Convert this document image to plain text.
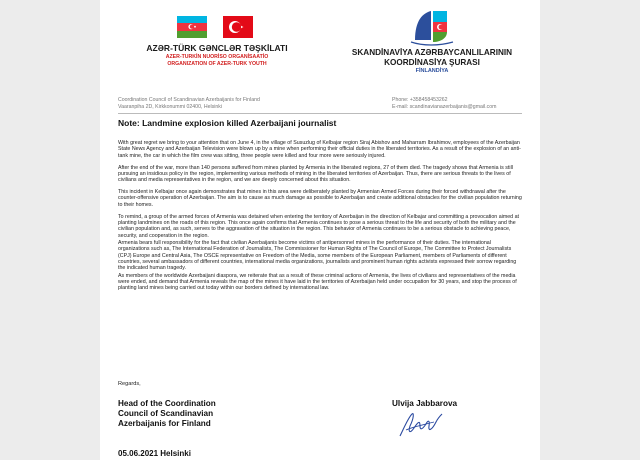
AZƏR-TÜRK GƏNCLƏR TƏŞKİLATI
AZER-TURKİN NUORİSO ORGANİSAATİO
ORGANIZATION OF AZER-TURK YOUTH
SKANDİNAVİYA AZƏRBAYCANLILARININ
KOORDİNASİYA ŞURASI
FİNLANDİYA
Coordination Council of Scandinavian Azerbaijanis for Finland
Vaaranpiha 2D, Kirkkonummi 02400, Helsinki
Phone: +358458453262
E-mail: scandinavianazerbaijanis@gmail.com
Note: Landmine explosion killed Azerbaijani journalist

With great regret we bring to your attention that on June 4, in the village of Susuzlug of Kelbajar region Siraj Abishov and Maharram Ibrahimov, employees of the Azerbaijan State News Agency and Azerbaijan Television were blown up by a mine when performing their official duties in the liberated territories. As a result of the explosion of an anti-tank mine, the car in which the film crew was sitting, three people were killed and four more were seriously injured.

After the end of the war, more than 140 persons suffered from mines planted by Armenia in the liberated regions, 27 of them died. The tragedy shows that Armenia is still pursuing an insidious policy in the region, implementing various methods of mining in the liberated territories of Azerbaijan. Thus, there are serious threats to the lives of civilians and media representatives in the region, and we are deeply concerned about this situation.

This incident in Kelbajar once again demonstrates that mines in this area were deliberately planted by Armenian Armed Forces during their forced withdrawal after the counter-offensive operation of Azerbaijan. The aim is to cause as much damage as possible to Azerbaijan and create additional obstacles for the civilian population returning to their homes.

To remind, a group of the armed forces of Armenia was detained when entering the territory of Azerbaijan in the direction of Kelbajar and committing a provocation aimed at planting landmines on the roads of this region. This once again confirms that Armenia continues to pose a serious threat to the life and security of both the military and the civilian population and, as such, serves to the aggravation of the situation in the region. This behavior of Armenia continues to be a serious obstacle to achieving peace, security, and cooperation in the region.

Armenia bears full responsibility for the fact that civilian Azerbaijanis become victims of antipersonnel mines in the performance of their duties. The international organizations such as, The International Federation of Journalists, The Commissioner for Human Rights of The Council of Europe, The Committee to Protect Journalists (CPJ) Europe and Central Asia, The OSCE representative on Freedom of the Media, some members of the European Parliament, members of Parliaments of different countries, several ambassadors of different countries, international media organizations, journalists and prominent human rights activists expressed their sorrow regarding the indicated human tragedy.

As members of the worldwide Azerbaijani diaspora, we reiterate that as a result of these criminal actions of Armenia, the lives of civilians and representatives of the media were ended, and demand that Armenia reveals the map of the mines it have laid in the territories of Azerbaijan held under occupation for 30 years, and stop the process of planting land mines being carried out today within our borders defined by international law.

Regards,
Head of the Coordination
Council of Scandinavian
Azerbaijanis for Finland
Ulvija Jabbarova
05.06.2021 Helsinki
